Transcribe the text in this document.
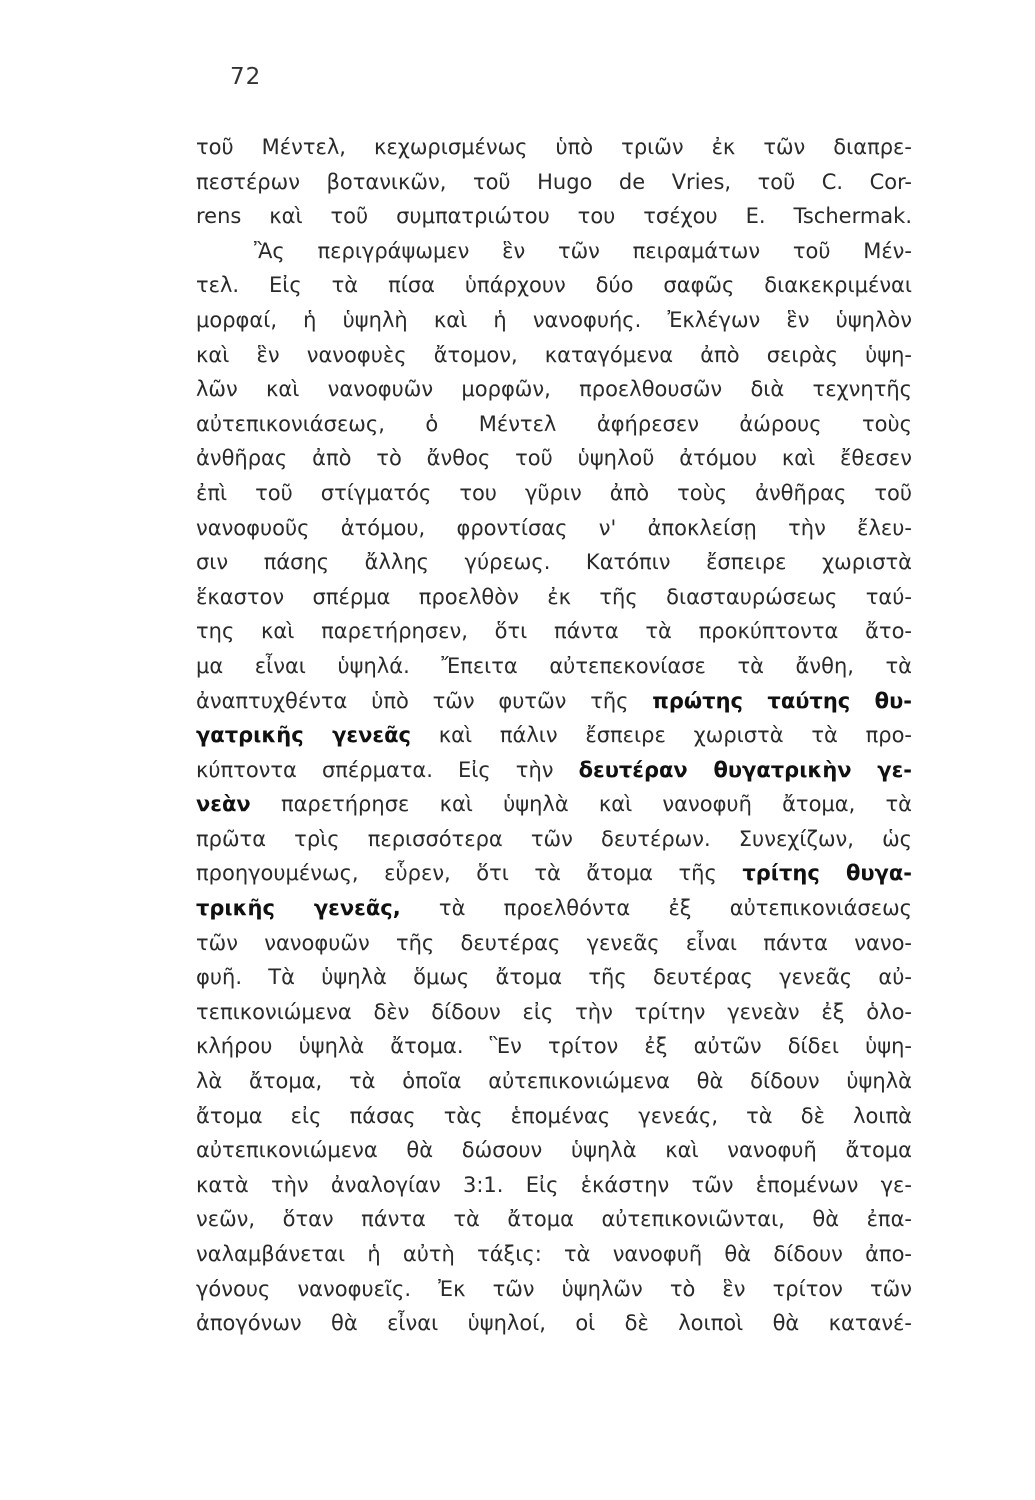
72
τοῦ Μέντελ, κεχωρισμένως ὑπὸ τριῶν ἐκ τῶν διαπρε-
πεστέρων βοτανικῶν, τοῦ Hugo de Vries, τοῦ C. Cor-
rens καὶ τοῦ συμπατριώτου του τσέχου E. Tschermak.
Ἂς περιγράψωμεν ἓν τῶν πειραμάτων τοῦ Μέν-
τελ. Εἰς τὰ πίσα ὑπάρχουν δύο σαφῶς διακεκριμέναι
μορφαί, ἡ ὑψηλὴ καὶ ἡ νανοφυής. Ἐκλέγων ἓν ὑψηλὸν
καὶ ἓν νανοφυὲς ἄτομον, καταγόμενα ἀπὸ σειρὰς ὑψη-
λῶν καὶ νανοφυῶν μορφῶν, προελθουσῶν διὰ τεχνητῆς
αὐτεπικονιάσεως, ὁ Μέντελ ἀφήρεσεν ἀώρους τοὺς
ἀνθῆρας ἀπὸ τὸ ἄνθος τοῦ ὑψηλοῦ ἀτόμου καὶ ἔθεσεν
ἐπὶ τοῦ στίγματός του γῦριν ἀπὸ τοὺς ἀνθῆρας τοῦ
νανοφυοῦς ἀτόμου, φροντίσας ν' ἀποκλείσῃ τὴν ἔλευ-
σιν πάσης ἄλλης γύρεως. Κατόπιν ἔσπειρε χωριστὰ
ἕκαστον σπέρμα προελθὸν ἐκ τῆς διασταυρώσεως ταύ-
της καὶ παρετήρησεν, ὅτι πάντα τὰ προκύπτοντα ἄτο-
μα εἶναι ὑψηλά. Ἔπειτα αὐτεπεκονίασε τὰ ἄνθη, τὰ
ἀναπτυχθέντα ὑπὸ τῶν φυτῶν τῆς πρώτης ταύτης θυ-
γατρικῆς γενεᾶς καὶ πάλιν ἔσπειρε χωριστὰ τὰ προ-
κύπτοντα σπέρματα. Εἰς τὴν δευτέραν θυγατρικὴν γε-
νεὰν παρετήρησε καὶ ὑψηλὰ καὶ νανοφυῆ ἄτομα, τὰ
πρῶτα τρὶς περισσότερα τῶν δευτέρων. Συνεχίζων, ὡς
προηγουμένως, εὗρεν, ὅτι τὰ ἄτομα τῆς τρίτης θυγα-
τρικῆς γενεᾶς, τὰ προελθόντα ἐξ αὐτεπικονιάσεως
τῶν νανοφυῶν τῆς δευτέρας γενεᾶς εἶναι πάντα νανο-
φυῆ. Τὰ ὑψηλὰ ὅμως ἄτομα τῆς δευτέρας γενεᾶς αὐ-
τεπικονιώμενα δὲν δίδουν εἰς τὴν τρίτην γενεὰν ἐξ ὁλο-
κλήρου ὑψηλὰ ἄτομα. Ἓν τρίτον ἐξ αὐτῶν δίδει ὑψη-
λὰ ἄτομα, τὰ ὁποῖα αὐτεπικονιώμενα θὰ δίδουν ὑψηλὰ
ἄτομα εἰς πάσας τὰς ἑπομένας γενεάς, τὰ δὲ λοιπὰ
αὐτεπικονιώμενα θὰ δώσουν ὑψηλὰ καὶ νανοφυῆ ἄτομα
κατὰ τὴν ἀναλογίαν 3:1. Εἰς ἑκάστην τῶν ἑπομένων γε-
νεῶν, ὅταν πάντα τὰ ἄτομα αὐτεπικονιῶνται, θὰ ἐπα-
ναλαμβάνεται ἡ αὐτὴ τάξις: τὰ νανοφυῆ θὰ δίδουν ἀπο-
γόνους νανοφυεῖς. Ἐκ τῶν ὑψηλῶν τὸ ἓν τρίτον τῶν
ἀπογόνων θὰ εἶναι ὑψηλοί, οἱ δὲ λοιποὶ θὰ κατανέ-
